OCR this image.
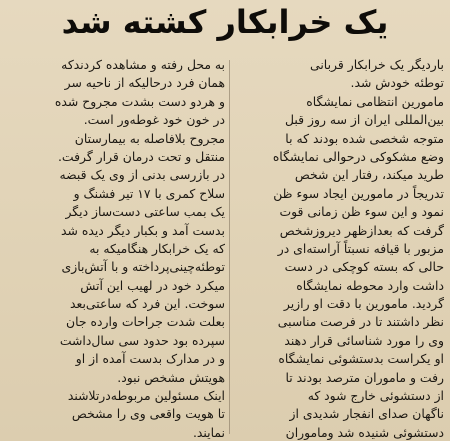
یک خرابکار کشته شد
باردیگر یک خرابکار قربانی
توطئه خودش شد.
مامورین انتظامی نمایشگاه
بین‌المللی ایران از سه روز قبل
متوجه شخصی شده بودند که با
وضع مشکوکی درحوالی نمایشگاه
طرید میکند، رفتار این شخص
تدریجاً در مامورین ایجاد سوء ظن
نمود و این سوء ظن زمانی قوت
گرفت که بعدازظهر دیروزشخص
مزبور با قیافه نسبتاً آراسته‌ای در
حالی که بسته کوچکی در دست
داشت وارد محوطه نمایشگاه
گردید. مامورین با دقت او رازیر
نظر داشتند تا در فرصت مناسبی
وی را مورد شناسائی قرار دهند
او یکراست بدستشوئی نمایشگاه
رفت و ماموران مترصد بودند تا
از دستشوئی خارج شود که
ناگهان صدای انفجار شدیدی از
دستشوئی شنیده شد وماموران
به محل رفته و مشاهده کردندکه
همان فرد درحالیکه از ناحیه سر
و هردو دست بشدت مجروح شده
در خون خود غوطه‌ور است.
مجروح بلافاصله به بیمارستان
منتقل و تحت درمان قرار گرفت.
در بازرسی بدنی از وی یک قبضه
سلاح کمری با ۱۷ تیر فشنگ و
یک بمب ساعتی دست‌ساز دیگر
بدست آمد و بکبار دیگر دیده شد
که یک خرابکار هنگامیکه به
توطئه‌چینی‌پرداخته و با آتش‌بازی
میکرد خود در لهیب این آتش
سوخت. این فرد که ساعتی‌بعد
بعلت شدت جراحات وارده جان
سپرده بود حدود سی سال‌داشت
و در مدارک بدست آمده از او
هویتش مشخص نبود.
اینک مسئولین مربوطه‌درتلاشند
تا هویت واقعی وی را مشخص
نمایند.
